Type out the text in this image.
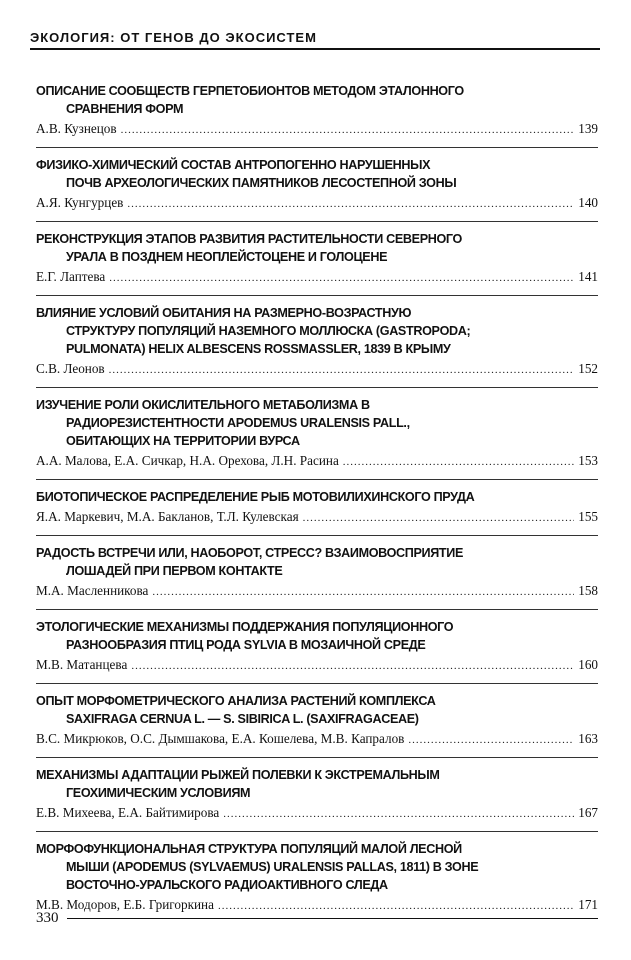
ЭКОЛОГИЯ: ОТ ГЕНОВ ДО ЭКОСИСТЕМ
ОПИСАНИЕ СООБЩЕСТВ ГЕРПЕТОБИОНТОВ МЕТОДОМ ЭТАЛОННОГО
СРАВНЕНИЯ ФОРМ
А.В. Кузнецов .....	139
ФИЗИКО-ХИМИЧЕСКИЙ СОСТАВ АНТРОПОГЕННО НАРУШЕННЫХ
ПОЧВ АРХЕОЛОГИЧЕСКИХ ПАМЯТНИКОВ ЛЕСОСТЕПНОЙ ЗОНЫ
А.Я. Кунгурцев .....	140
РЕКОНСТРУКЦИЯ ЭТАПОВ РАЗВИТИЯ РАСТИТЕЛЬНОСТИ СЕВЕРНОГО
УРАЛА В ПОЗДНЕМ НЕОПЛЕЙСТОЦЕНЕ И ГОЛОЦЕНЕ
Е.Г. Лаптева .....	141
ВЛИЯНИЕ УСЛОВИЙ ОБИТАНИЯ НА РАЗМЕРНО-ВОЗРАСТНУЮ
СТРУКТУРУ ПОПУЛЯЦИЙ НАЗЕМНОГО МОЛЛЮСКА (GASTROPODA;
PULMONATA) HELIX ALBESCENS ROSSMASSLER, 1839 В КРЫМУ
С.В. Леонов .....	152
ИЗУЧЕНИЕ РОЛИ ОКИСЛИТЕЛЬНОГО МЕТАБОЛИЗМА В
РАДИОРЕЗИСТЕНТНОСТИ APODEMUS URALENSIS PALL.,
ОБИТАЮЩИХ НА ТЕРРИТОРИИ ВУРСА
А.А. Малова, Е.А. Сичкар, Н.А. Орехова, Л.Н. Расина .....	153
БИОТОПИЧЕСКОЕ РАСПРЕДЕЛЕНИЕ РЫБ МОТОВИЛИХИНСКОГО ПРУДА
Я.А. Маркевич, М.А. Бакланов, Т.Л. Кулевская .....	155
РАДОСТЬ ВСТРЕЧИ ИЛИ, НАОБОРОТ, СТРЕСС? ВЗАИМОВОСПРИЯТИЕ
ЛОШАДЕЙ ПРИ ПЕРВОМ КОНТАКТЕ
М.А. Масленникова .....	158
ЭТОЛОГИЧЕСКИЕ МЕХАНИЗМЫ ПОДДЕРЖАНИЯ ПОПУЛЯЦИОННОГО
РАЗНООБРАЗИЯ ПТИЦ РОДА SYLVIA В МОЗАИЧНОЙ СРЕДЕ
М.В. Матанцева .....	160
ОПЫТ МОРФОМЕТРИЧЕСКОГО АНАЛИЗА РАСТЕНИЙ КОМПЛЕКСА
SAXIFRAGA CERNUA L. — S. SIBIRICA L. (SAXIFRAGACEAE)
В.С. Микрюков, О.С. Дымшакова, Е.А. Кошелева, М.В. Капралов .....	163
МЕХАНИЗМЫ АДАПТАЦИИ РЫЖЕЙ ПОЛЕВКИ К ЭКСТРЕМАЛЬНЫМ
ГЕОХИМИЧЕСКИМ УСЛОВИЯМ
Е.В. Михеева, Е.А. Байтимирова .....	167
МОРФОФУНКЦИОНАЛЬНАЯ СТРУКТУРА ПОПУЛЯЦИЙ МАЛОЙ ЛЕСНОЙ
МЫШИ (APODEMUS (SYLVAEMUS) URALENSIS PALLAS, 1811) В ЗОНЕ
ВОСТОЧНО-УРАЛЬСКОГО РАДИОАКТИВНОГО СЛЕДА
М.В. Модоров, Е.Б. Григоркина .....	171
330
